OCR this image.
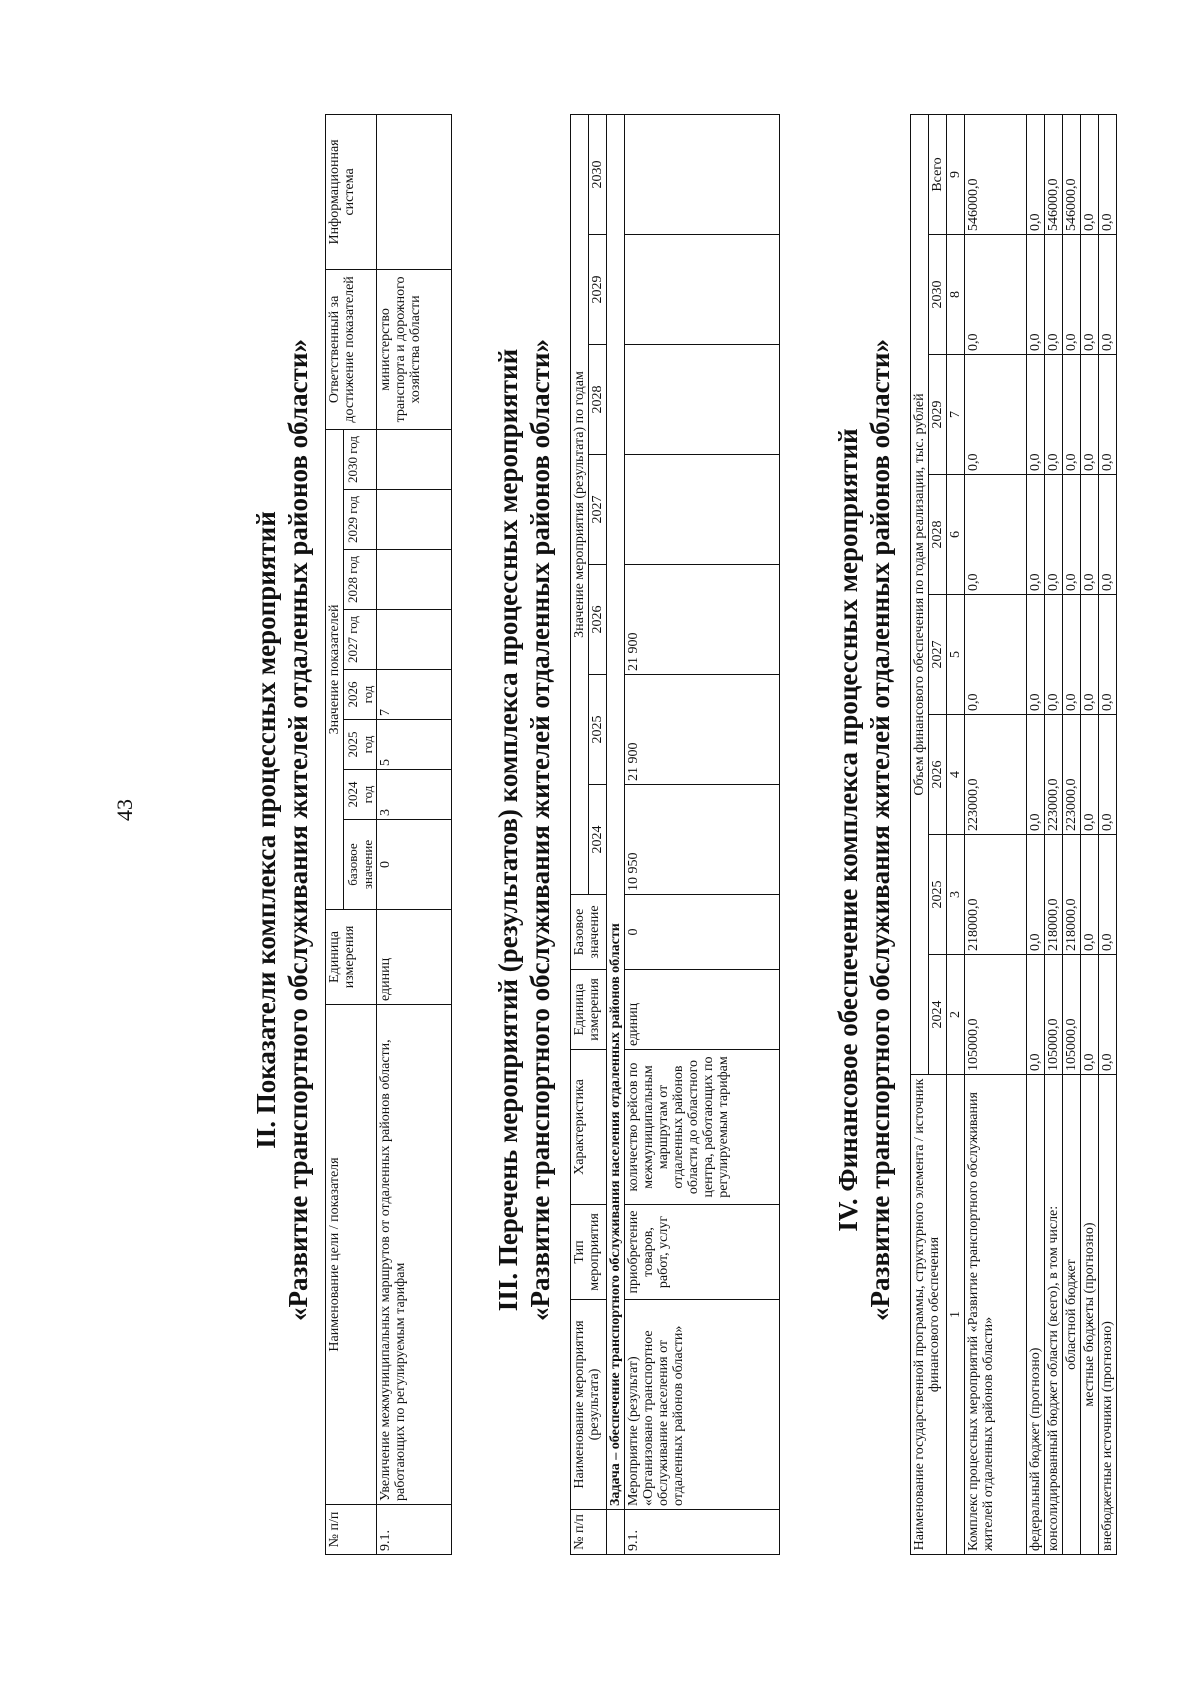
43	II. Показатели комплекса процессных мероприятий «Развитие транспортного обслуживания жителей отдаленных районов области»
№ п/п	Наименование цели / показателя	Единица измерения	Значение показателей								Ответственный за достижение показателей	Информационная система
			базовое значение	2024 год	2025 год	2026 год	2027 год	2028 год	2029 год	2030 год		
9.1.	Увеличение межмуниципальных маршрутов от отдаленных районов области, работающих по регулируемым тарифам	единиц	0	3	5	7					министерство транспорта и дорожного хозяйства области		III. Перечень мероприятий (результатов) комплекса процессных мероприятий «Развитие транспортного обслуживания жителей отдаленных районов области»
№ п/п	Наименование мероприятия (результата)	Тип мероприятия	Характеристика	Единица измерения	Базовое значение	Значение мероприятия (результата) по годам						
						2024	2025	2026	2027	2028	2029	2030
	Задача – обеспечение транспортного обслуживания населения отдаленных районов области											
9.1.	Мероприятие (результат) «Организовано транспортное обслуживание населения от отдаленных районов области»	приобретение товаров, работ, услуг	количество рейсов по межмуниципальным маршрутам от отдаленных районов области до областного центра, работающих по регулируемым тарифам	единиц	0	10 950	21 900	21 900					IV. Финансовое обеспечение комплекса процессных мероприятий «Развитие транспортного обслуживания жителей отдаленных районов области» Наименование государственной программы, структурного элемента / источник финансового обеспечения	Объем финансового обеспечения по годам реализации, тыс. рублей							
	2024	2025	2026	2027	2028	2029	2030	Всего
1	2	3	4	5	6	7	8	9
Комплекс процессных мероприятий «Развитие транспортного обслуживания жителей отдаленных районов области»	105000,0	218000,0	223000,0	0,0	0,0	0,0	0,0	546000,0
федеральный бюджет (прогнозно)	0,0	0,0	0,0	0,0	0,0	0,0	0,0	0,0
консолидированный бюджет области (всего), в том числе:	105000,0	218000,0	223000,0	0,0	0,0	0,0	0,0	546000,0
областной бюджет	105000,0	218000,0	223000,0	0,0	0,0	0,0	0,0	546000,0
местные бюджеты (прогнозно)	0,0	0,0	0,0	0,0	0,0	0,0	0,0	0,0
внебюджетные источники (прогнозно)	0,0	0,0	0,0	0,0	0,0	0,0	0,0	0,0
